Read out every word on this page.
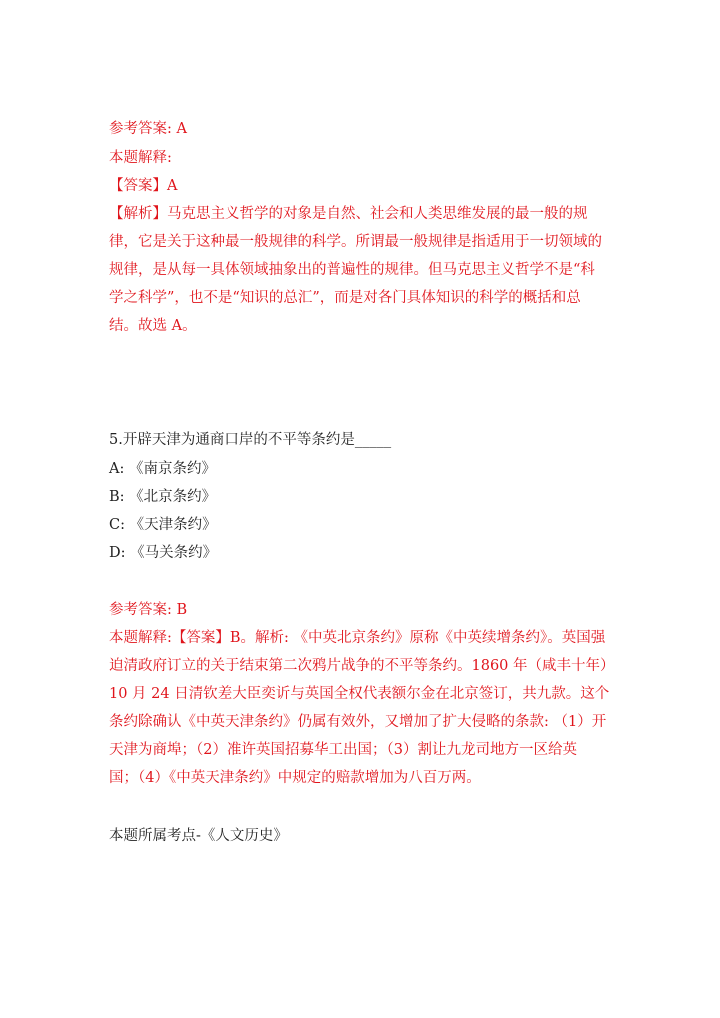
参考答案: A
本题解释:
【答案】A
【解析】马克思主义哲学的对象是自然、社会和人类思维发展的最一般的规
律，它是关于这种最一般规律的科学。所谓最一般规律是指适用于一切领域的
规律，是从每一具体领域抽象出的普遍性的规律。但马克思主义哲学不是“科
学之科学”，也不是“知识的总汇”，而是对各门具体知识的科学的概括和总
结。故选 A。
5.开辟天津为通商口岸的不平等条约是_____
A: 《南京条约》
B: 《北京条约》
C: 《天津条约》
D: 《马关条约》
参考答案: B
本题解释:【答案】B。解析: 《中英北京条约》原称《中英续增条约》。英国强
迫清政府订立的关于结束第二次鸦片战争的不平等条约。1860 年（咸丰十年）
10 月 24 日清钦差大臣奕䜣与英国全权代表额尔金在北京签订，共九款。这个
条约除确认《中英天津条约》仍属有效外，又增加了扩大侵略的条款: （1）开
天津为商埠；（2）准许英国招募华工出国；（3）割让九龙司地方一区给英
国；（4）《中英天津条约》中规定的赔款增加为八百万两。
本题所属考点-《人文历史》
